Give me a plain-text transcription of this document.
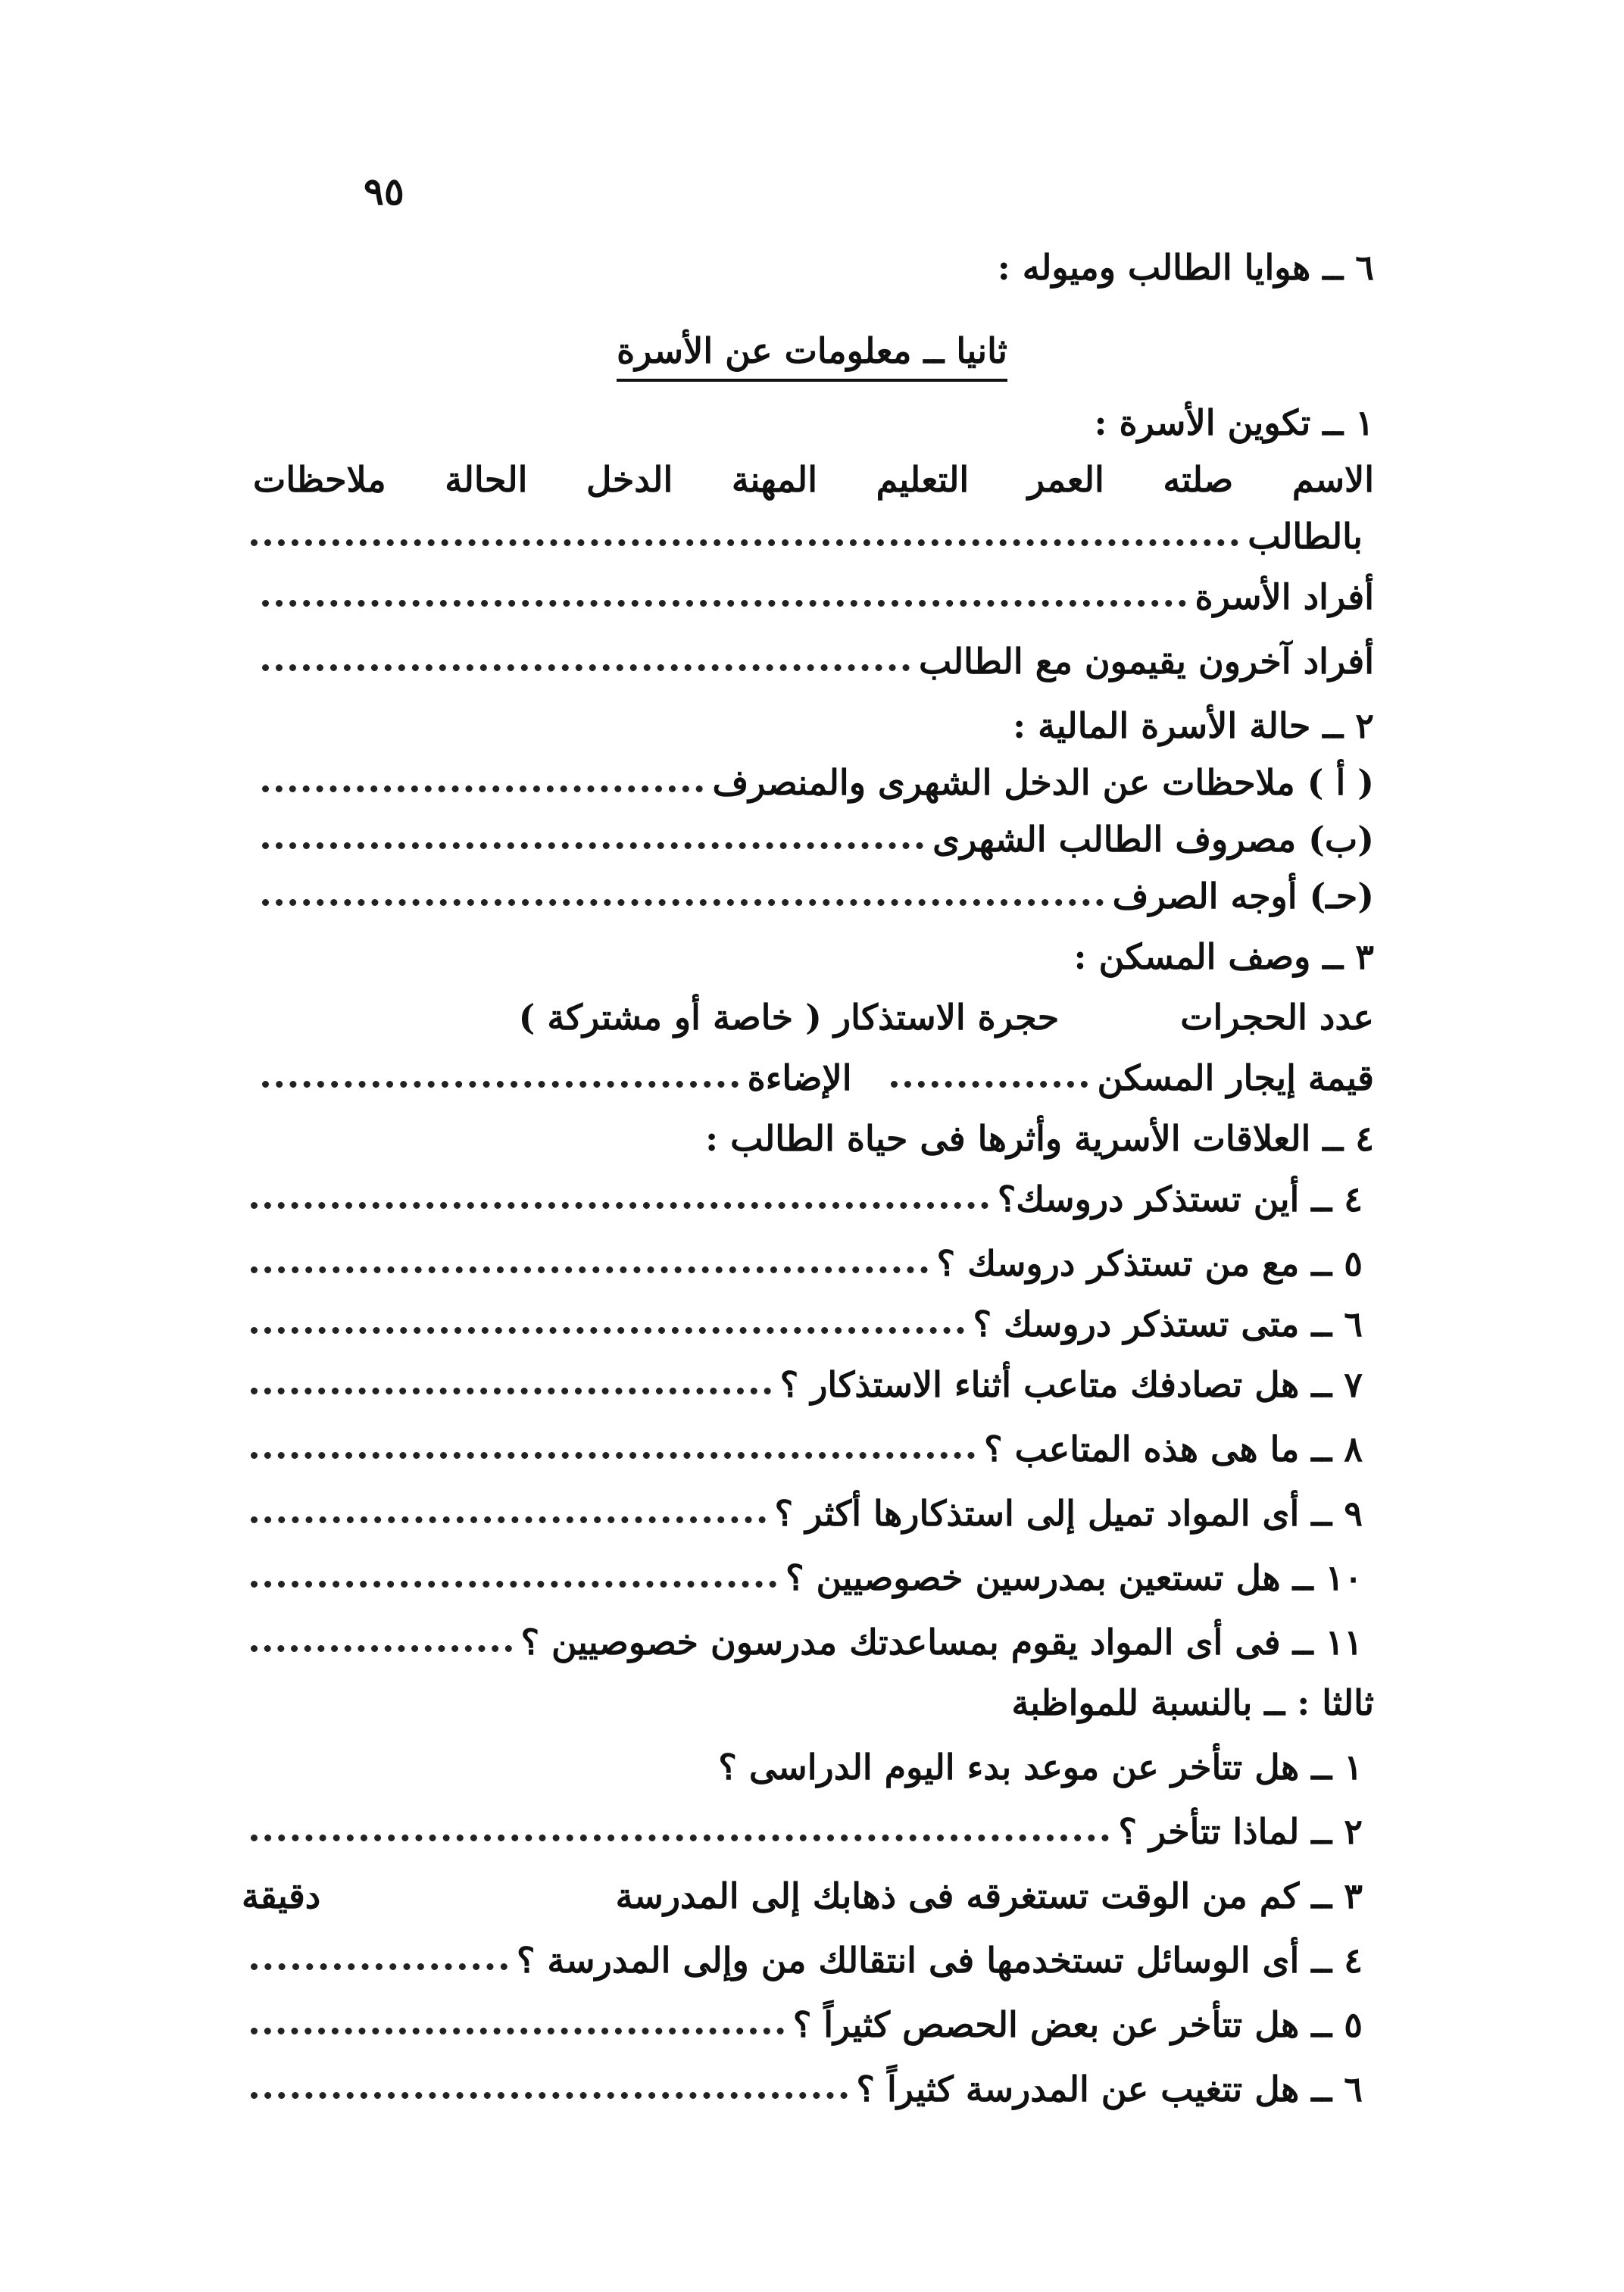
٩٥
٦ ــ هوايا الطالب وميوله :
ثانيا ــ معلومات عن الأسرة
١ ــ تكوين الأسرة :
الاسم
صلته
العمر
التعليم
المهنة
الدخل
الحالة
ملاحظات
بالطالب
أفراد الأسرة
أفراد آخرون يقيمون مع الطالب
٢ ــ حالة الأسرة المالية :
( أ ) ملاحظات عن الدخل الشهرى والمنصرف
(ب) مصروف الطالب الشهرى
(حـ) أوجه الصرف
٣ ــ وصف المسكن :
عدد الحجرات
حجرة الاستذكار ( خاصة أو مشتركة )
قيمة إيجار المسكن
الإضاءة
٤ ــ العلاقات الأسرية وأثرها فى حياة الطالب :
٤ ــ أين تستذكر دروسك؟
٥ ــ مع من تستذكر دروسك ؟
٦ ــ متى تستذكر دروسك ؟
٧ ــ هل تصادفك متاعب أثناء الاستذكار ؟
٨ ــ ما هى هذه المتاعب ؟
٩ ــ أى المواد تميل إلى استذكارها أكثر ؟
١٠ ــ هل تستعين بمدرسين خصوصيين ؟
١١ ــ فى أى المواد يقوم بمساعدتك مدرسون خصوصيين ؟
ثالثا : ــ بالنسبة للمواظبة
١ ــ هل تتأخر عن موعد بدء اليوم الدراسى ؟
٢ ــ لماذا تتأخر ؟
٣ ــ كم من الوقت تستغرقه فى ذهابك إلى المدرسة
دقيقة
٤ ــ أى الوسائل تستخدمها فى انتقالك من وإلى المدرسة ؟
٥ ــ هل تتأخر عن بعض الحصص كثيراً ؟
٦ ــ هل تتغيب عن المدرسة كثيراً ؟
